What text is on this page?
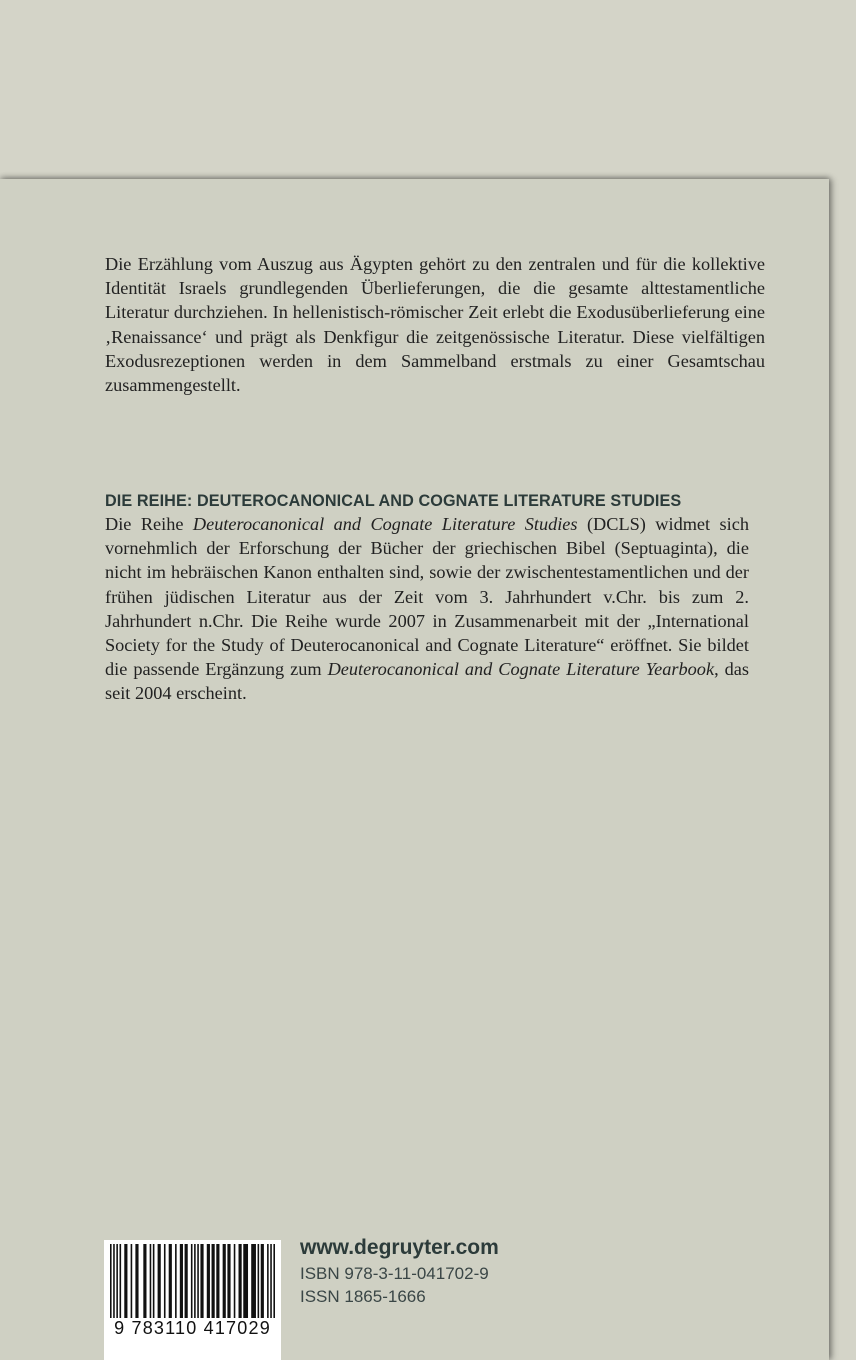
Die Erzählung vom Auszug aus Ägypten gehört zu den zentralen und für die kollektive Identität Israels grundlegenden Überlieferungen, die die gesamte alttestamentliche Literatur durchziehen. In hellenistisch-römischer Zeit erlebt die Exodusüberlieferung eine ‚Renaissance‘ und prägt als Denkfigur die zeitgenössische Literatur. Diese vielfältigen Exodusrezeptionen werden in dem Sammelband erstmals zu einer Gesamtschau zusammengestellt.

DIE REIHE: DEUTEROCANONICAL AND COGNATE LITERATURE STUDIES

Die Reihe Deuterocanonical and Cognate Literature Studies (DCLS) widmet sich vornehmlich der Erforschung der Bücher der griechischen Bibel (Septuaginta), die nicht im hebräischen Kanon enthalten sind, sowie der zwischentestamentlichen und der frühen jüdischen Literatur aus der Zeit vom 3. Jahrhundert v.Chr. bis zum 2. Jahrhundert n.Chr. Die Reihe wurde 2007 in Zusammenarbeit mit der „International Society for the Study of Deuterocanonical and Cognate Literature“ eröffnet. Sie bildet die passende Ergänzung zum Deuterocanonical and Cognate Literature Yearbook, das seit 2004 erscheint.

9 783110 417029

www.degruyter.com

ISBN 978-3-11-041702-9

ISSN 1865-1666
